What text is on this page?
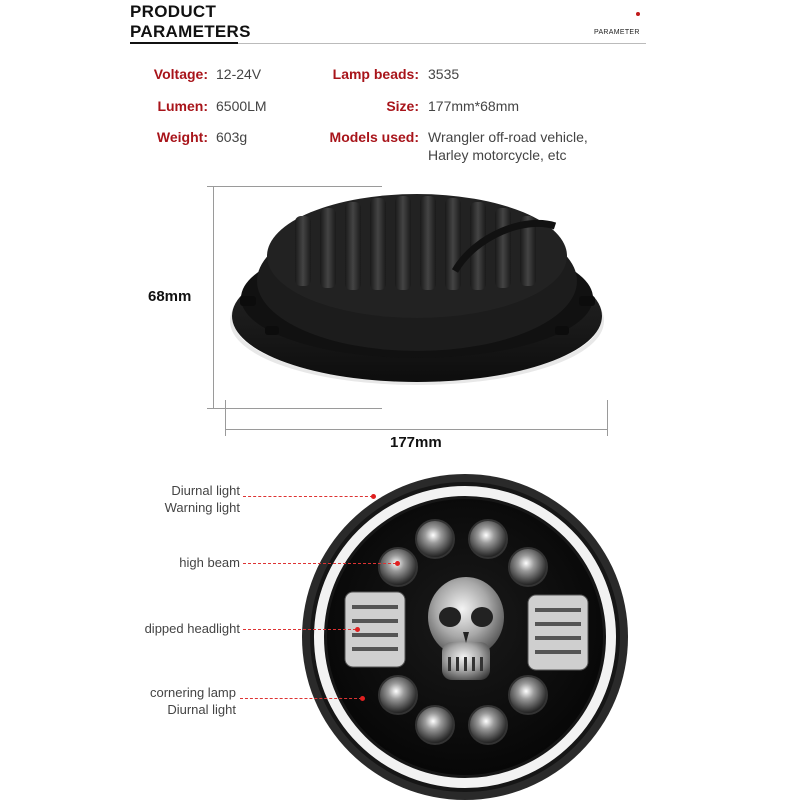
PRODUCT
PARAMETERS	PARAMETER
Voltage: 12-24V
Lumen: 6500LM
Weight: 603g
Lamp beads: 3535
Size: 177mm*68mm
Models used: Wrangler off-road vehicle,
Harley motorcycle, etc
68mm
177mm
Diurnal light
Warning light
high beam
dipped headlight
cornering lamp
Diurnal light
